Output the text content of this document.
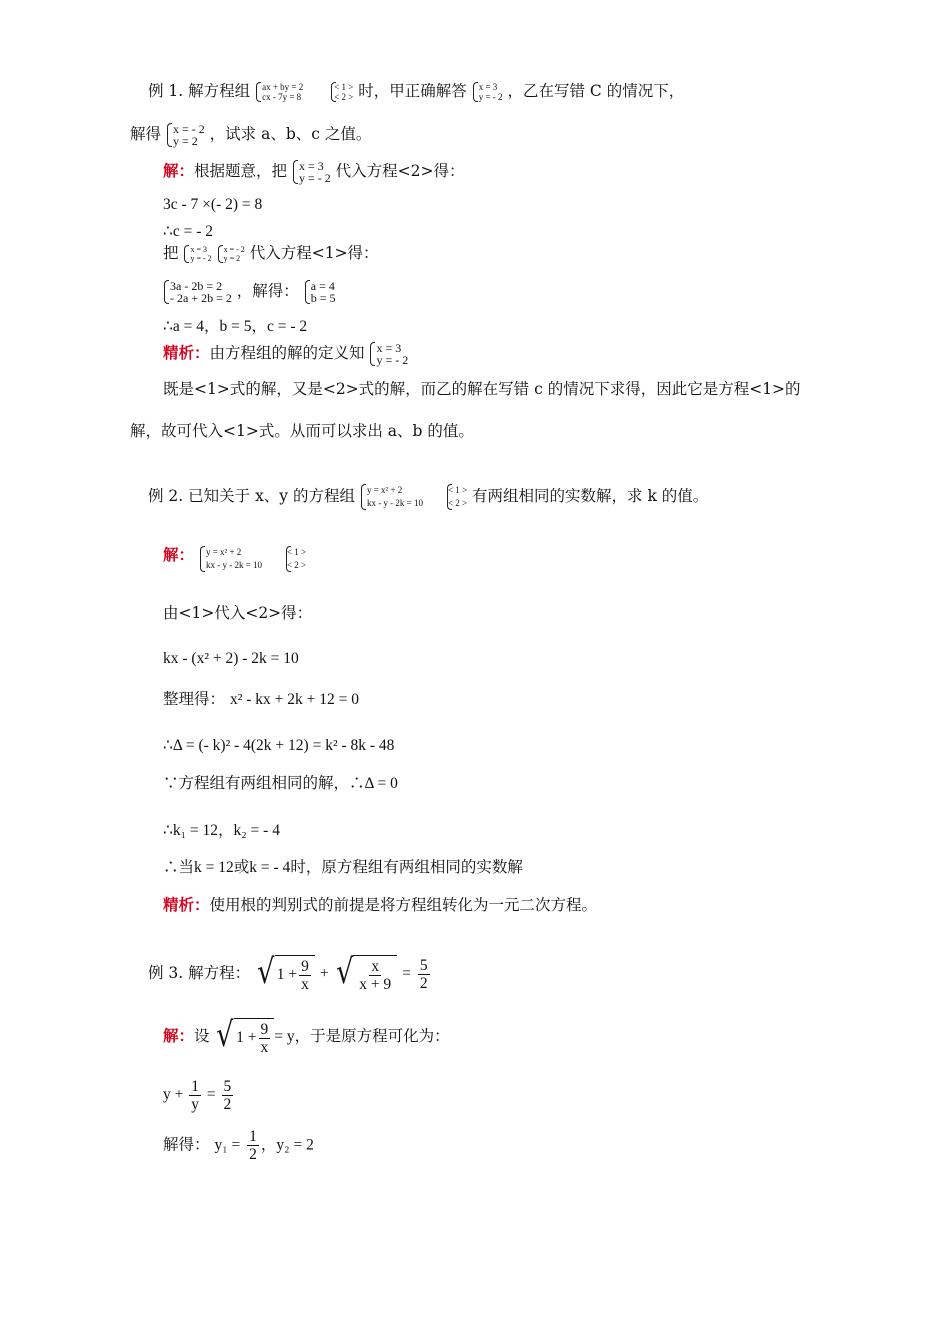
例 1. 解方程组 ax + by = 2
cx - 7y = 8

< 1 >
< 2 > 时，甲正确解答 x = 3
y = - 2 ，乙在写错 C 的情况下，
解得 x = - 2
y = 2 ，试求 a、b、c 之值。
解：根据题意，把 x = 3
y = - 2 代入方程<2>得：
3c - 7 ×(- 2) = 8
∴c = - 2
把 x = 3
y = - 2

x = - 2
y = 2 代入方程<1>得：
3a - 2b = 2
- 2a + 2b = 2 ，解得： a = 4
b = 5
∴a = 4，b = 5，c = - 2
精析：由方程组的解的定义知 x = 3
y = - 2
既是<1>式的解，又是<2>式的解，而乙的解在写错 c 的情况下求得，因此它是方程<1>的
解，故可代入<1>式。从而可以求出 a、b 的值。
例 2. 已知关于 x、y 的方程组 y = x² + 2
kx - y - 2k = 10

< 1 >
< 2 > 有两组相同的实数解，求 k 的值。
解： y = x² + 2
kx - y - 2k = 10

< 1 >
< 2 >
由<1>代入<2>得：
kx - (x² + 2) - 2k = 10
整理得： x² - kx + 2k + 12 = 0
∴Δ = (- k)² - 4(2k + 12) = k² - 8k - 48
∵方程组有两组相同的解，∴Δ = 0
∴k₁ = 12，k₂ = - 4
∴当k = 12或k = - 4时，原方程组有两组相同的实数解
精析：使用根的判别式的前提是将方程组转化为一元二次方程。
例 3. 解方程： √ $1 + \frac{9}{x}$ + √ $\frac{x}{x + 9} = \frac{5}{2}$
解：设 √ $1 + \frac{9}{x} = y$，于是原方程可化为：
$y + \frac{1}{y} = \frac{5}{2}$
解得： $y_1 = \frac{1}{2}$ ，y₂ = 2
